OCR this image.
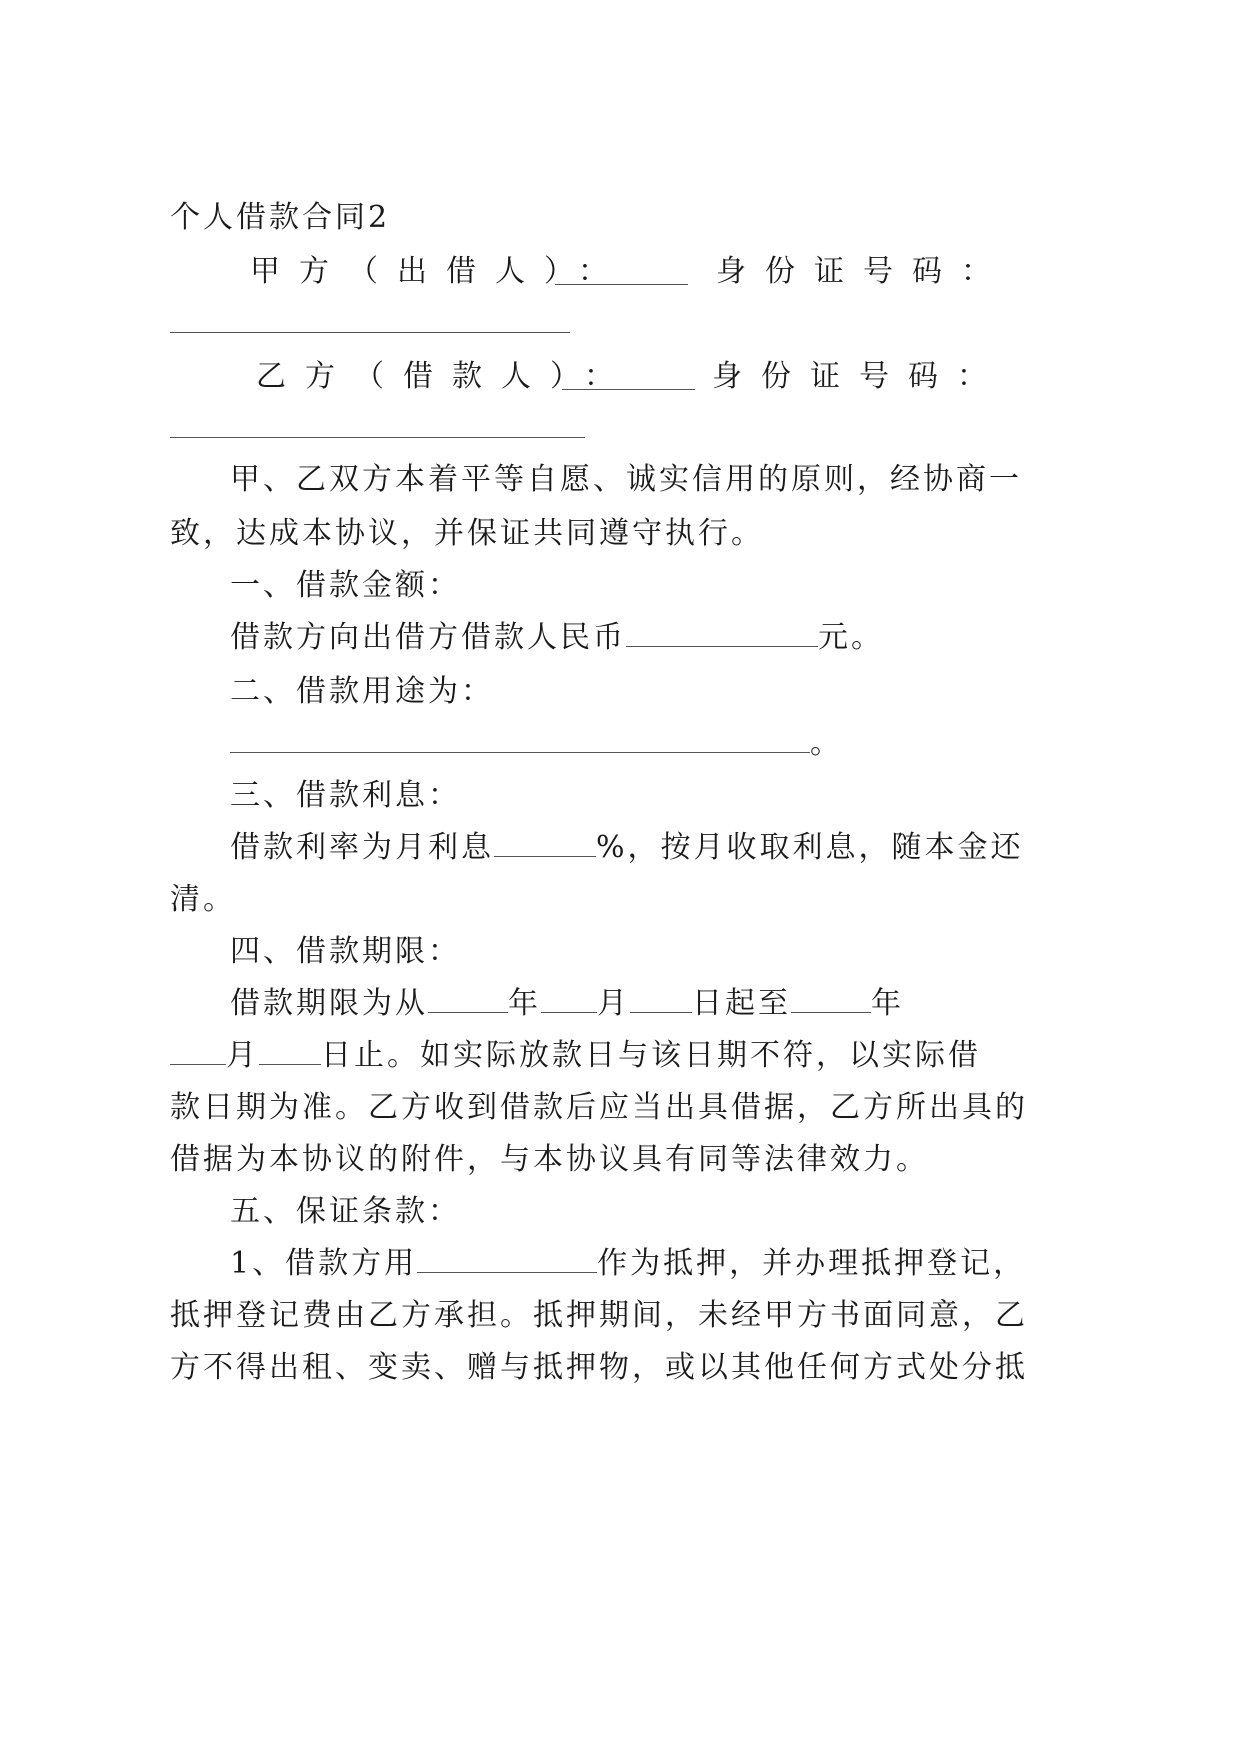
个人借款合同2

甲方（出借人）：	身份证号码：
乙方（借款人）：	身份证号码：

甲、乙双方本着平等自愿、诚实信用的原则，经协商一

致，达成本协议，并保证共同遵守执行。

一、借款金额：

借款方向出借方借款人民币	元。

二、借款用途为：

。

三、借款利息：

借款利率为月利息	%，按月收取利息，随本金还

清。

四、借款期限：

借款期限为从	年 月 日起至	年

月 日止。如实际放款日与该日期不符，以实际借

款日期为准。乙方收到借款后应当出具借据，乙方所出具的

借据为本协议的附件，与本协议具有同等法律效力。

五、保证条款：

1、借款方用	作为抵押，并办理抵押登记，

抵押登记费由乙方承担。抵押期间，未经甲方书面同意，乙

方不得出租、变卖、赠与抵押物，或以其他任何方式处分抵
